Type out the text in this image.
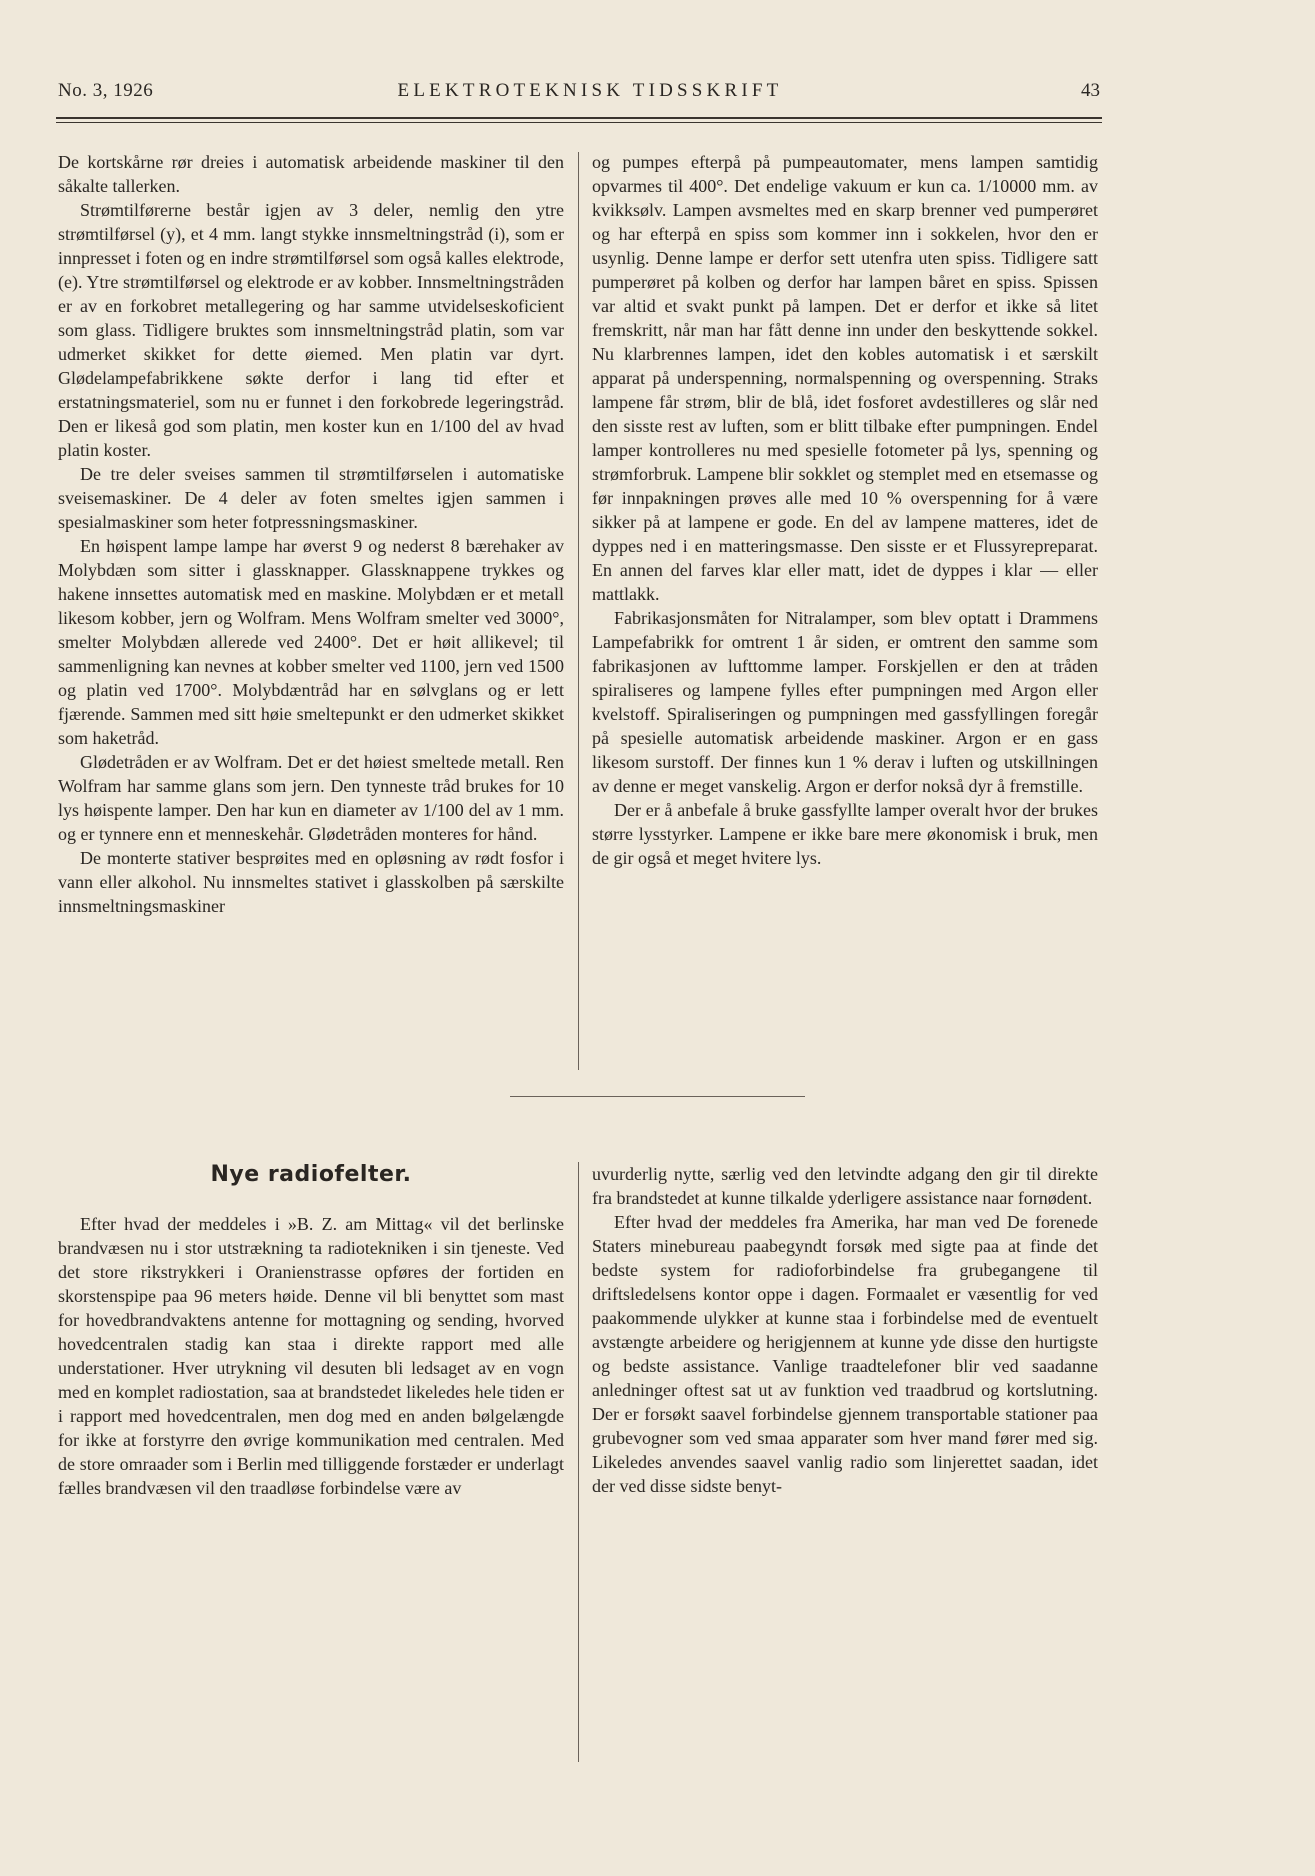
No. 3, 1926	ELEKTROTEKNISK TIDSSKRIFT	43

De kortskårne rør dreies i automatisk arbeidende maskiner til den såkalte tallerken.

Strømtilførerne består igjen av 3 deler, nemlig den ytre strømtilførsel (y), et 4 mm. langt stykke innsmeltningstråd (i), som er innpresset i foten og en indre strømtilførsel som også kalles elektrode, (e). Ytre strømtilførsel og elektrode er av kobber. Innsmeltningstråden er av en forkobret metallegering og har samme utvidelseskoficient som glass. Tidligere bruktes som innsmeltningstråd platin, som var udmerket skikket for dette øiemed. Men platin var dyrt. Glødelampefabrikkene søkte derfor i lang tid efter et erstatningsmateriel, som nu er funnet i den forkobrede legeringstråd. Den er likeså god som platin, men koster kun en 1/100 del av hvad platin koster.

De tre deler sveises sammen til strømtilførselen i automatiske sveisemaskiner. De 4 deler av foten smeltes igjen sammen i spesialmaskiner som heter fotpressningsmaskiner.

En høispent lampe lampe har øverst 9 og nederst 8 bærehaker av Molybdæn som sitter i glassknapper. Glassknappene trykkes og hakene innsettes automatisk med en maskine. Molybdæn er et metall likesom kobber, jern og Wolfram. Mens Wolfram smelter ved 3000°, smelter Molybdæn allerede ved 2400°. Det er høit allikevel; til sammenligning kan nevnes at kobber smelter ved 1100, jern ved 1500 og platin ved 1700°. Molybdæntråd har en sølvglans og er lett fjærende. Sammen med sitt høie smeltepunkt er den udmerket skikket som haketråd.

Glødetråden er av Wolfram. Det er det høiest smeltede metall. Ren Wolfram har samme glans som jern. Den tynneste tråd brukes for 10 lys høispente lamper. Den har kun en diameter av 1/100 del av 1 mm. og er tynnere enn et menneskehår. Glødetråden monteres for hånd.

De monterte stativer besprøites med en opløsning av rødt fosfor i vann eller alkohol. Nu innsmeltes stativet i glasskolben på særskilte innsmeltningsmaskiner

og pumpes efterpå på pumpeautomater, mens lampen samtidig opvarmes til 400°. Det endelige vakuum er kun ca. 1/10000 mm. av kvikksølv. Lampen avsmeltes med en skarp brenner ved pumperøret og har efterpå en spiss som kommer inn i sokkelen, hvor den er usynlig. Denne lampe er derfor sett utenfra uten spiss. Tidligere satt pumperøret på kolben og derfor har lampen båret en spiss. Spissen var altid et svakt punkt på lampen. Det er derfor et ikke så litet fremskritt, når man har fått denne inn under den beskyttende sokkel. Nu klarbrennes lampen, idet den kobles automatisk i et særskilt apparat på underspenning, normalspenning og overspenning. Straks lampene får strøm, blir de blå, idet fosforet avdestilleres og slår ned den sisste rest av luften, som er blitt tilbake efter pumpningen. Endel lamper kontrolleres nu med spesielle fotometer på lys, spenning og strømforbruk. Lampene blir sokklet og stemplet med en etsemasse og før innpakningen prøves alle med 10 % overspenning for å være sikker på at lampene er gode. En del av lampene matteres, idet de dyppes ned i en matteringsmasse. Den sisste er et Flussyrepreparat. En annen del farves klar eller matt, idet de dyppes i klar — eller mattlakk.

Fabrikasjonsmåten for Nitralamper, som blev optatt i Drammens Lampefabrikk for omtrent 1 år siden, er omtrent den samme som fabrikasjonen av lufttomme lamper. Forskjellen er den at tråden spiraliseres og lampene fylles efter pumpningen med Argon eller kvelstoff. Spiraliseringen og pumpningen med gassfyllingen foregår på spesielle automatisk arbeidende maskiner. Argon er en gass likesom surstoff. Der finnes kun 1 % derav i luften og utskillningen av denne er meget vanskelig. Argon er derfor nokså dyr å fremstille.

Der er å anbefale å bruke gassfyllte lamper overalt hvor der brukes større lysstyrker. Lampene er ikke bare mere økonomisk i bruk, men de gir også et meget hvitere lys.

Nye radiofelter.

Efter hvad der meddeles i »B. Z. am Mittag« vil det berlinske brandvæsen nu i stor utstrækning ta radiotekniken i sin tjeneste. Ved det store rikstrykkeri i Oranienstrasse opføres der fortiden en skorstenspipe paa 96 meters høide. Denne vil bli benyttet som mast for hovedbrandvaktens antenne for mottagning og sending, hvorved hovedcentralen stadig kan staa i direkte rapport med alle understationer. Hver utrykning vil desuten bli ledsaget av en vogn med en komplet radiostation, saa at brandstedet likeledes hele tiden er i rapport med hovedcentralen, men dog med en anden bølgelængde for ikke at forstyrre den øvrige kommunikation med centralen. Med de store omraader som i Berlin med tilliggende forstæder er underlagt fælles brandvæsen vil den traadløse forbindelse være av

uvurderlig nytte, særlig ved den letvindte adgang den gir til direkte fra brandstedet at kunne tilkalde yderligere assistance naar fornødent.

Efter hvad der meddeles fra Amerika, har man ved De forenede Staters minebureau paabegyndt forsøk med sigte paa at finde det bedste system for radioforbindelse fra grubegangene til driftsledelsens kontor oppe i dagen. Formaalet er væsentlig for ved paakommende ulykker at kunne staa i forbindelse med de eventuelt avstængte arbeidere og herigjennem at kunne yde disse den hurtigste og bedste assistance. Vanlige traadtelefoner blir ved saadanne anledninger oftest sat ut av funktion ved traadbrud og kortslutning. Der er forsøkt saavel forbindelse gjennem transportable stationer paa grubevogner som ved smaa apparater som hver mand fører med sig. Likeledes anvendes saavel vanlig radio som linjerettet saadan, idet der ved disse sidste benyt-
